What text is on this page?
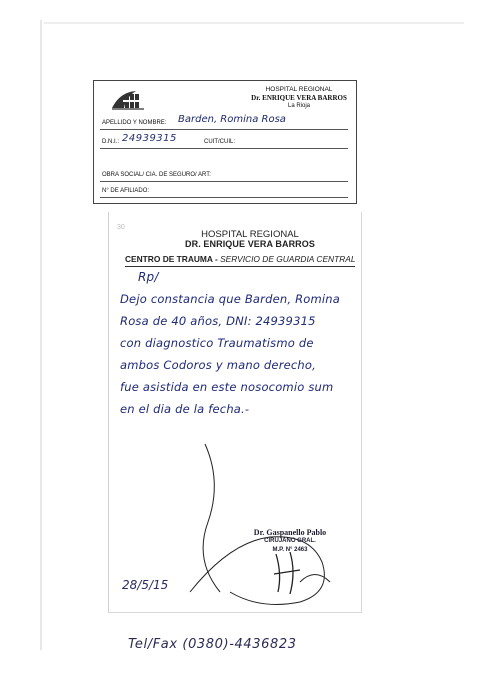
HOSPITAL REGIONAL
Dr. ENRIQUE VERA BARROS
La Rioja
APELLIDO Y NOMBRE: Barden, Romina Rosa
D.N.I.: 24939315	CUIT/CUIL:
OBRA SOCIAL/ CIA. DE SEGURO/ ART:
N° DE AFILIADO:
30
HOSPITAL REGIONAL
DR. ENRIQUE VERA BARROS
CENTRO DE TRAUMA - SERVICIO DE GUARDIA CENTRAL
Rp/
Dejo constancia que Barden, Romina
Rosa de 40 años, DNI: 24939315
con diagnostico Traumatismo de
ambos Codoros y mano derecho,
fue asistida en este nosocomio sum
en el dia de la fecha.-
Dr. Gaspanello Pablo
CIRUJANO GRAL.
M.P. N° 2463
28/5/15
Tel/Fax (0380)-4436823
